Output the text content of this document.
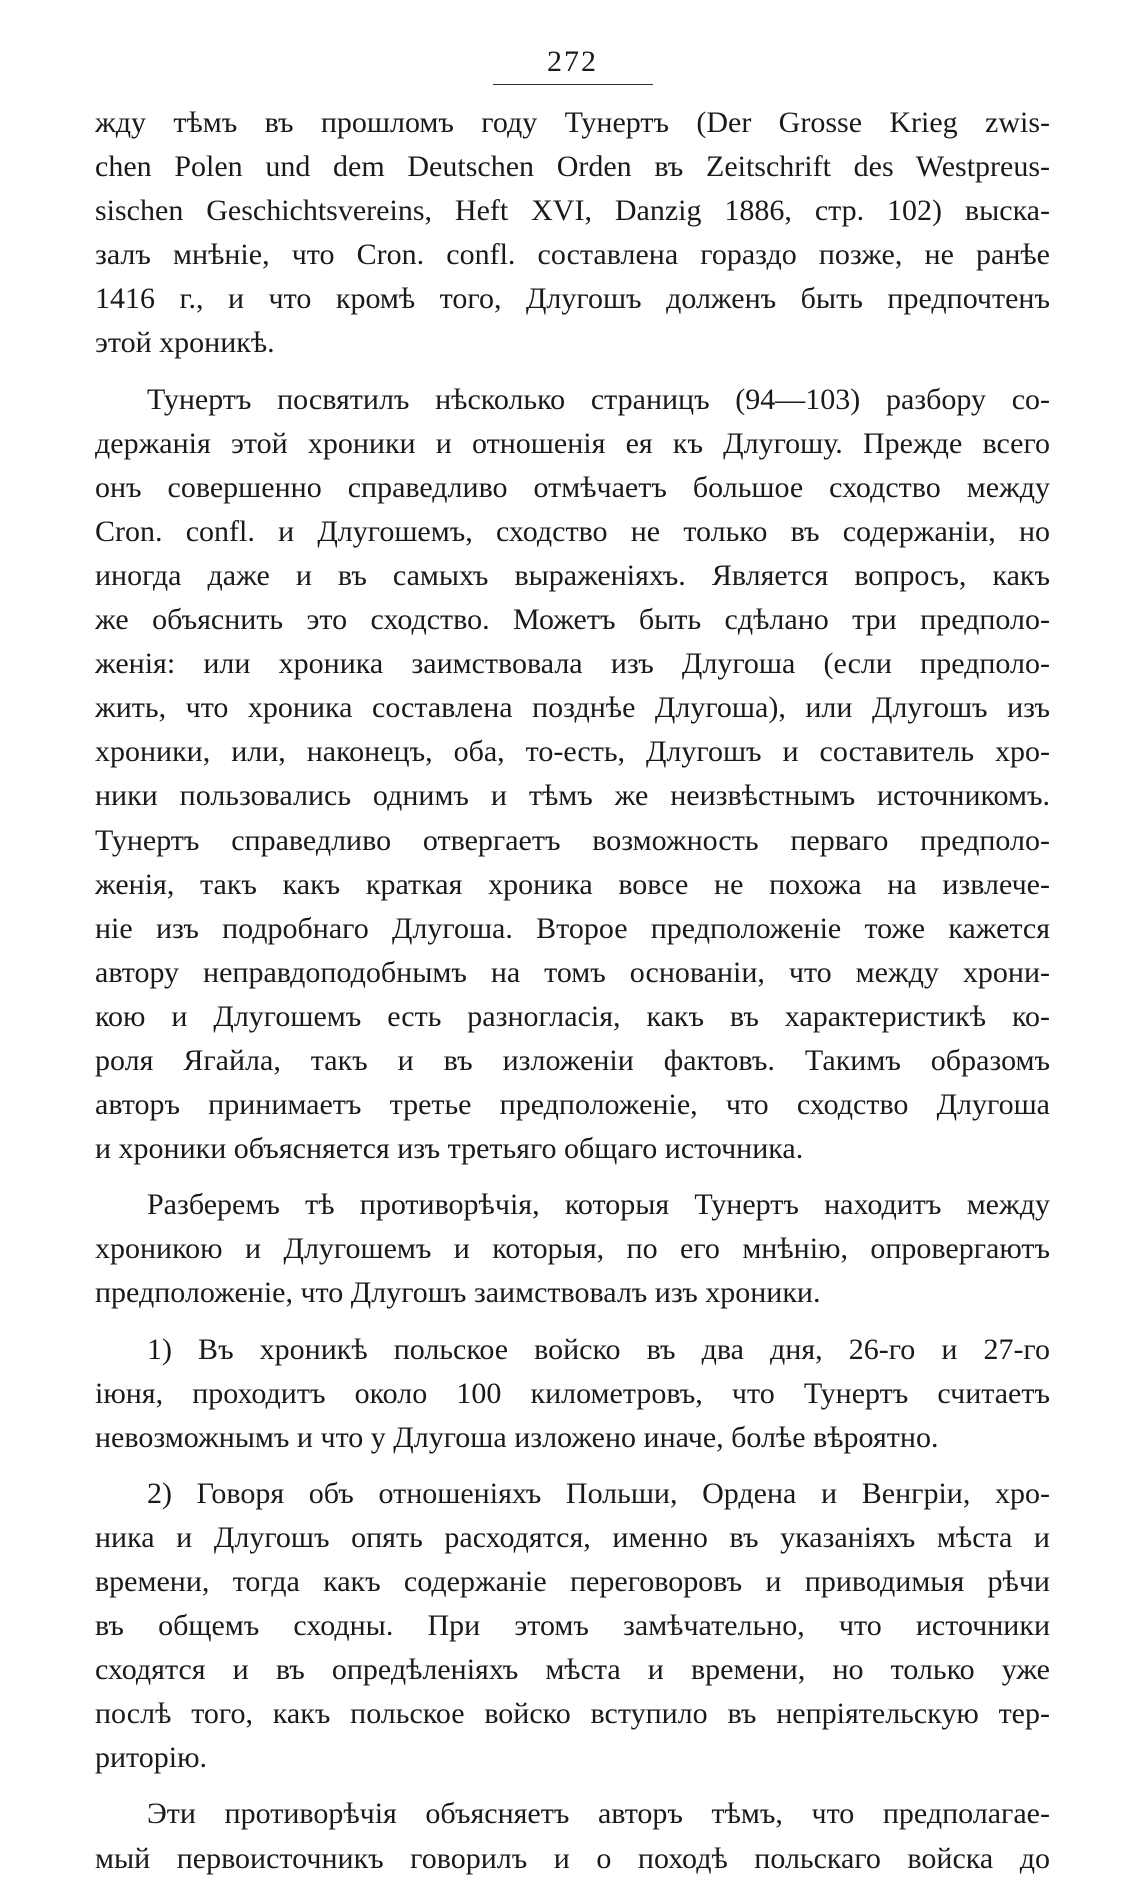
272
жду тѣмъ въ прошломъ году Тунертъ (Der Grosse Krieg zwis-
chen Polen und dem Deutschen Orden въ Zeitschrift des Westpreus-
sischen Geschichtsvereins, Heft XVI, Danzig 1886, стр. 102) выска-
залъ мнѣніе, что Cron. confl. составлена гораздо позже, не ранѣе
1416 г., и что кромѣ того, Длугошъ долженъ быть предпочтенъ
этой хроникѣ.
Тунертъ посвятилъ нѣсколько страницъ (94—103) разбору со-
держанія этой хроники и отношенія ея къ Длугошу. Прежде всего
онъ совершенно справедливо отмѣчаетъ большое сходство между
Cron. confl. и Длугошемъ, сходство не только въ содержаніи, но
иногда даже и въ самыхъ выраженіяхъ. Является вопросъ, какъ
же объяснить это сходство. Можетъ быть сдѣлано три предполо-
женія: или хроника заимствовала изъ Длугоша (если предполо-
жить, что хроника составлена позднѣе Длугоша), или Длугошъ изъ
хроники, или, наконецъ, оба, то-есть, Длугошъ и составитель хро-
ники пользовались однимъ и тѣмъ же неизвѣстнымъ источникомъ.
Тунертъ справедливо отвергаетъ возможность перваго предполо-
женія, такъ какъ краткая хроника вовсе не похожа на извлече-
ніе изъ подробнаго Длугоша. Второе предположеніе тоже кажется
автору неправдоподобнымъ на томъ основаніи, что между хрони-
кою и Длугошемъ есть разногласія, какъ въ характеристикѣ ко-
роля Ягайла, такъ и въ изложеніи фактовъ. Такимъ образомъ
авторъ принимаетъ третье предположеніе, что сходство Длугоша
и хроники объясняется изъ третьяго общаго источника.
Разберемъ тѣ противорѣчія, которыя Тунертъ находитъ между
хроникою и Длугошемъ и которыя, по его мнѣнію, опровергаютъ
предположеніе, что Длугошъ заимствовалъ изъ хроники.
1) Въ хроникѣ польское войско въ два дня, 26-го и 27-го
іюня, проходитъ около 100 километровъ, что Тунертъ считаетъ
невозможнымъ и что у Длугоша изложено иначе, болѣе вѣроятно.
2) Говоря объ отношеніяхъ Польши, Ордена и Венгріи, хро-
ника и Длугошъ опять расходятся, именно въ указаніяхъ мѣста и
времени, тогда какъ содержаніе переговоровъ и приводимыя рѣчи
въ общемъ сходны. При этомъ замѣчательно, что источники
сходятся и въ опредѣленіяхъ мѣста и времени, но только уже
послѣ того, какъ польское войско вступило въ непріятельскую тер-
риторію.
Эти противорѣчія объясняетъ авторъ тѣмъ, что предполагае-
мый первоисточникъ говорилъ и о походѣ польскаго войска до
